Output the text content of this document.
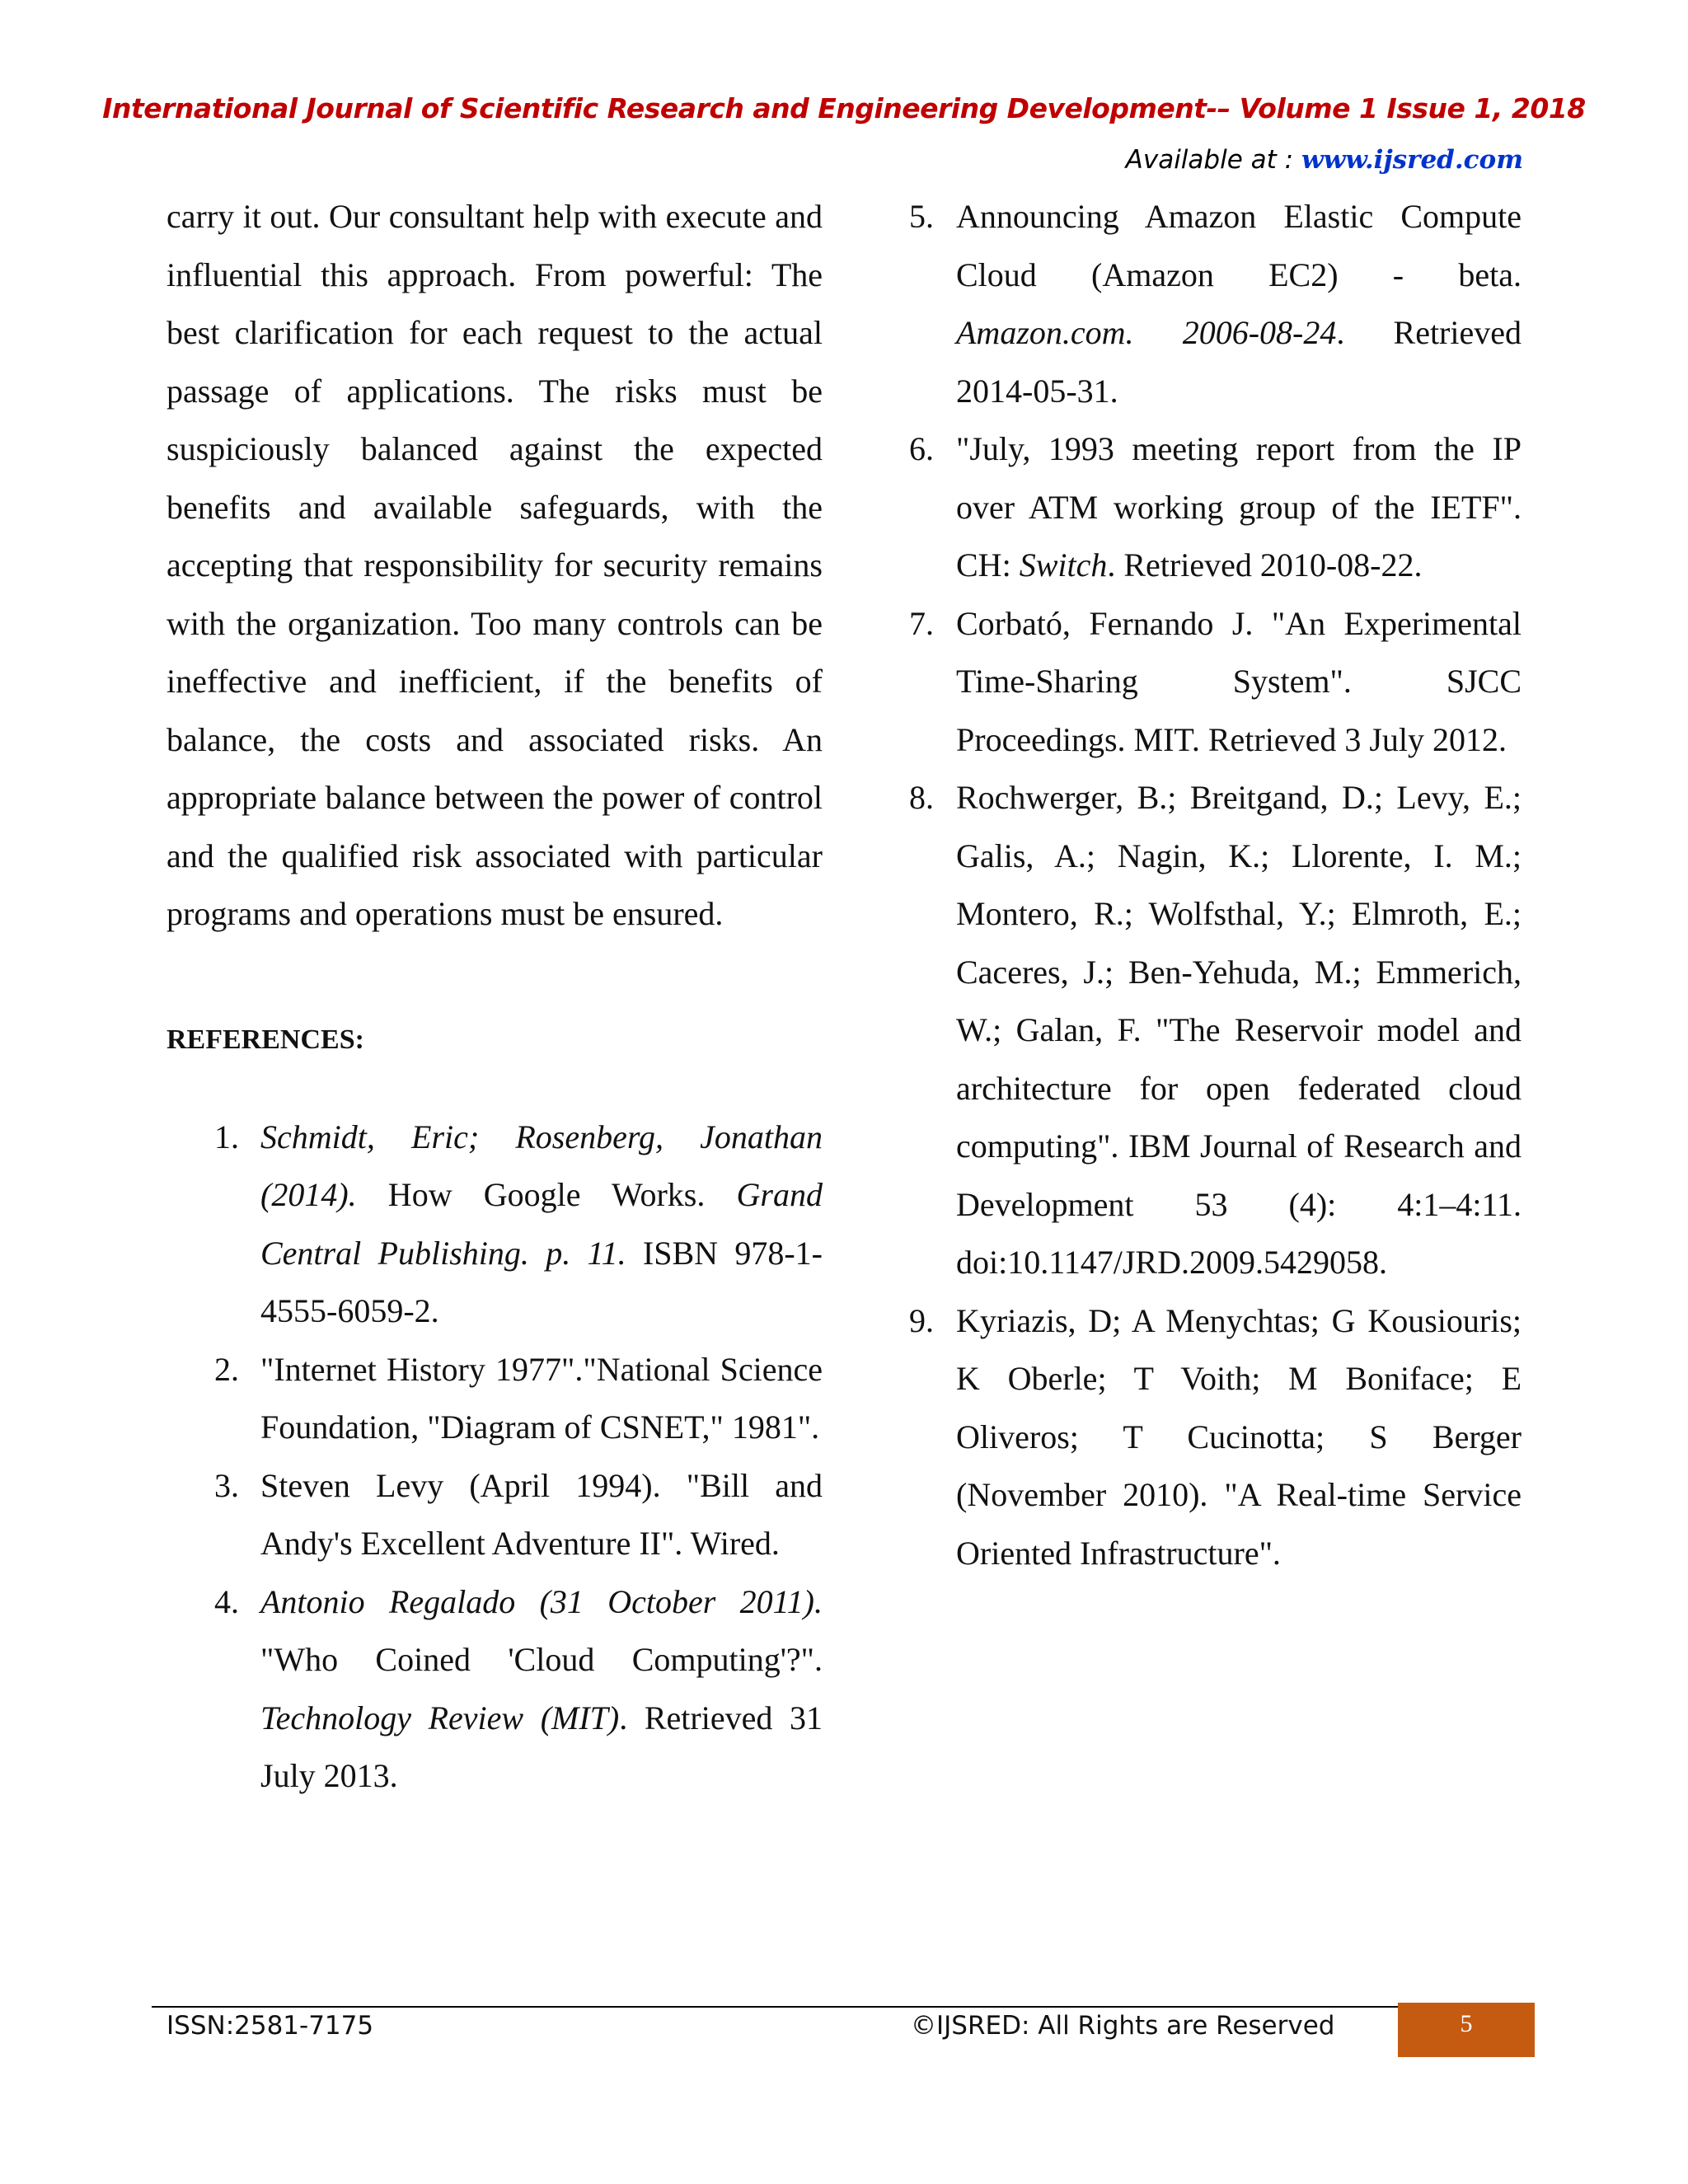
International Journal of Scientific Research and Engineering Development-– Volume 1 Issue 1, 2018
Available at : www.ijsred.com

carry it out. Our consultant help with execute and influential this approach. From powerful: The best clarification for each request to the actual passage of applications. The risks must be suspiciously balanced against the expected benefits and available safeguards, with the accepting that responsibility for security remains with the organization. Too many controls can be ineffective and inefficient, if the benefits of balance, the costs and associated risks. An appropriate balance between the power of control and the qualified risk associated with particular programs and operations must be ensured.

REFERENCES:
1. Schmidt, Eric; Rosenberg, Jonathan (2014). How Google Works. Grand Central Publishing. p. 11. ISBN 978-1-4555-6059-2.
2. "Internet History 1977"."National Science Foundation, "Diagram of CSNET," 1981".
3. Steven Levy (April 1994). "Bill and Andy's Excellent Adventure II". Wired.
4. Antonio Regalado (31 October 2011). "Who Coined 'Cloud Computing'?". Technology Review (MIT). Retrieved 31 July 2013.
5. Announcing Amazon Elastic Compute Cloud (Amazon EC2) - beta. Amazon.com. 2006-08-24. Retrieved 2014-05-31.
6. "July, 1993 meeting report from the IP over ATM working group of the IETF". CH: Switch. Retrieved 2010-08-22.
7. Corbató, Fernando J. "An Experimental Time-Sharing System". SJCC Proceedings. MIT. Retrieved 3 July 2012.
8. Rochwerger, B.; Breitgand, D.; Levy, E.; Galis, A.; Nagin, K.; Llorente, I. M.; Montero, R.; Wolfsthal, Y.; Elmroth, E.; Caceres, J.; Ben-Yehuda, M.; Emmerich, W.; Galan, F. "The Reservoir model and architecture for open federated cloud computing". IBM Journal of Research and Development 53 (4): 4:1–4:11. doi:10.1147/JRD.2009.5429058.
9. Kyriazis, D; A Menychtas; G Kousiouris; K Oberle; T Voith; M Boniface; E Oliveros; T Cucinotta; S Berger (November 2010). "A Real-time Service Oriented Infrastructure".
ISSN:2581-7175	©IJSRED: All Rights are Reserved	5
